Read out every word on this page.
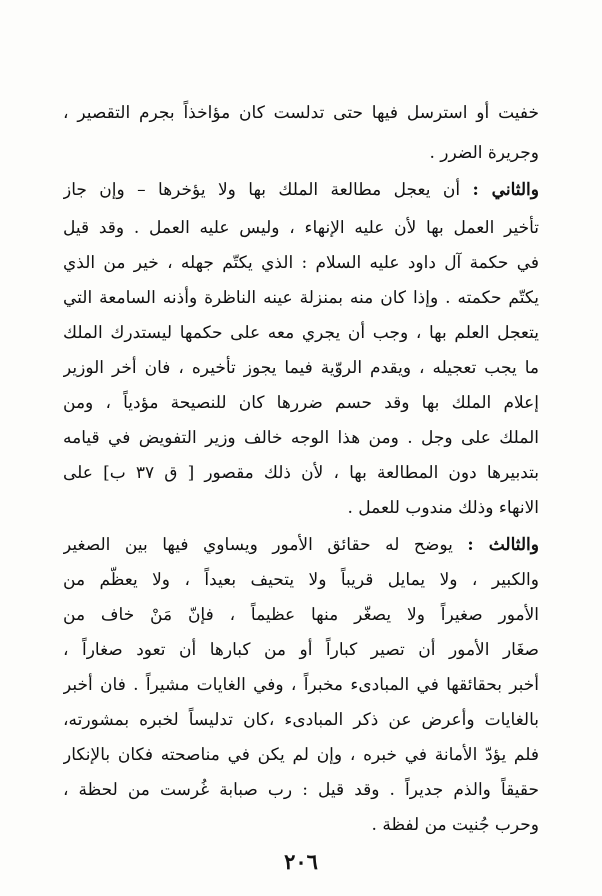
خفيت أو استرسل فيها حتى تدلست كان مؤاخذاً بجرم التقصير ،
وجريرة الضرر .
والثاني : أن يعجل مطالعة الملك بها ولا يؤخرها – وإن جاز
تأخير العمل بها لأن عليه الإنهاء ، وليس عليه العمل . وقد قيل
في حكمة آل داود عليه السلام : الذي يكتّم جهله ، خير من الذي
يكتّم حكمته . وإذا كان منه بمنزلة عينه الناظرة وأذنه السامعة التي
يتعجل العلم بها ، وجب أن يجري معه على حكمها ليستدرك الملك
ما يجب تعجيله ، ويقدم الروّية فيما يجوز تأخيره ، فان أخر الوزير
إعلام الملك بها وقد حسم ضررها كان للنصيحة مؤدياً ، ومن
الملك على وجل . ومن هذا الوجه خالف وزير التفويض في قيامه
بتدبيرها دون المطالعة بها ، لأن ذلك مقصور [ ق ٣٧ ب] على
الانهاء وذلك مندوب للعمل .
والثالث : يوضح له حقائق الأمور ويساوي فيها بين الصغير
والكبير ، ولا يمايل قريباً ولا يتحيف بعيداً ، ولا يعظّم من
الأمور صغيراً ولا يصغّر منها عظيماً ، فإنّ مَنْ خاف من
صغَار الأمور أن تصير كباراً أو من كبارها أن تعود صغاراً ،
أخبر بحقائقها في المبادىء مخبراً ، وفي الغايات مشيراً . فان أخبر
بالغايات وأعرض عن ذكر المبادىء ،كان تدليساً لخبره بمشورته،
فلم يؤدّ الأمانة في خبره ، وإن لم يكن في مناصحته فكان بالإنكار
حقيقاً والذم جديراً . وقد قيل : رب صبابة غُرست من لحظة ،
وحرب جُنيت من لفظة .
٢٠٦
